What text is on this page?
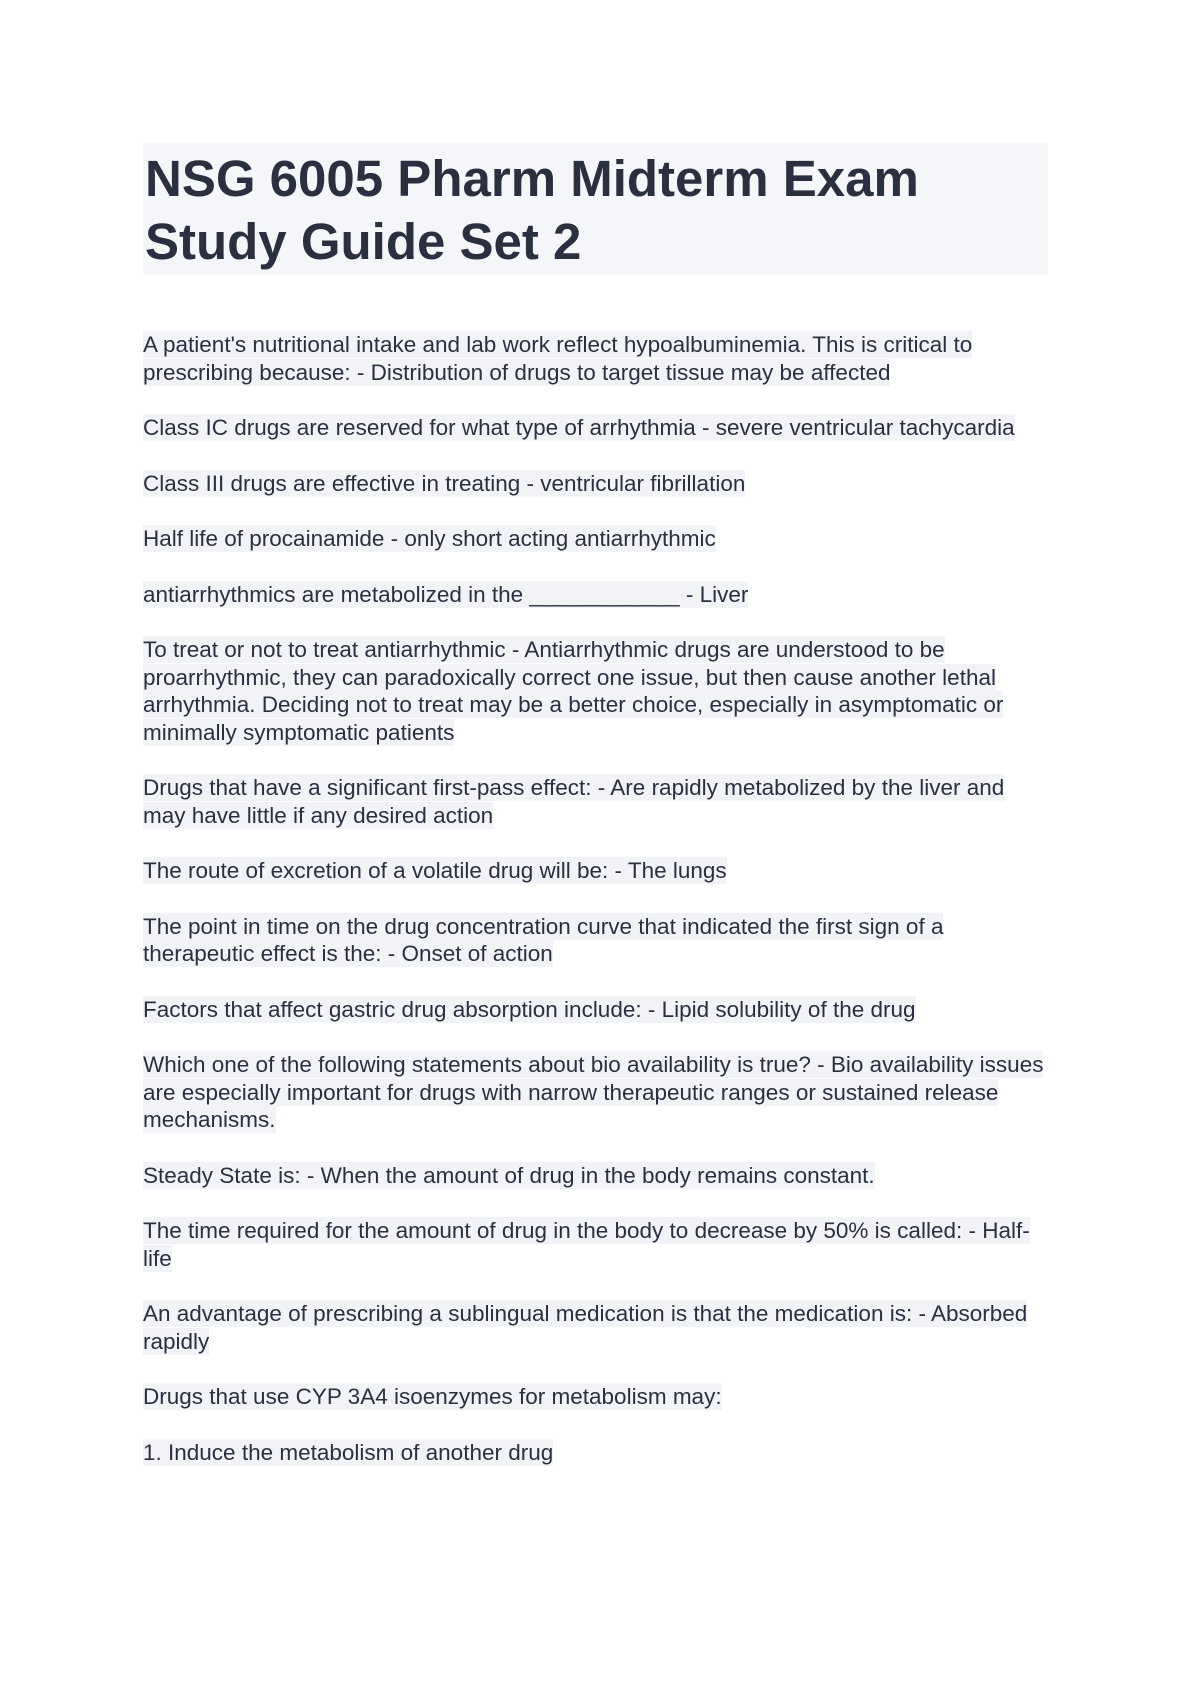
NSG 6005 Pharm Midterm Exam Study Guide Set 2

A patient's nutritional intake and lab work reflect hypoalbuminemia. This is critical to prescribing because: - Distribution of drugs to target tissue may be affected

Class IC drugs are reserved for what type of arrhythmia - severe ventricular tachycardia

Class III drugs are effective in treating - ventricular fibrillation

Half life of procainamide - only short acting antiarrhythmic

antiarrhythmics are metabolized in the ____________ - Liver

To treat or not to treat antiarrhythmic - Antiarrhythmic drugs are understood to be proarrhythmic, they can paradoxically correct one issue, but then cause another lethal arrhythmia. Deciding not to treat may be a better choice, especially in asymptomatic or minimally symptomatic patients

Drugs that have a significant first-pass effect: - Are rapidly metabolized by the liver and may have little if any desired action

The route of excretion of a volatile drug will be: - The lungs

The point in time on the drug concentration curve that indicated the first sign of a therapeutic effect is the: - Onset of action

Factors that affect gastric drug absorption include: - Lipid solubility of the drug

Which one of the following statements about bio availability is true? - Bio availability issues are especially important for drugs with narrow therapeutic ranges or sustained release mechanisms.

Steady State is: - When the amount of drug in the body remains constant.

The time required for the amount of drug in the body to decrease by 50% is called: - Half-life

An advantage of prescribing a sublingual medication is that the medication is: - Absorbed rapidly

Drugs that use CYP 3A4 isoenzymes for metabolism may:

1. Induce the metabolism of another drug
